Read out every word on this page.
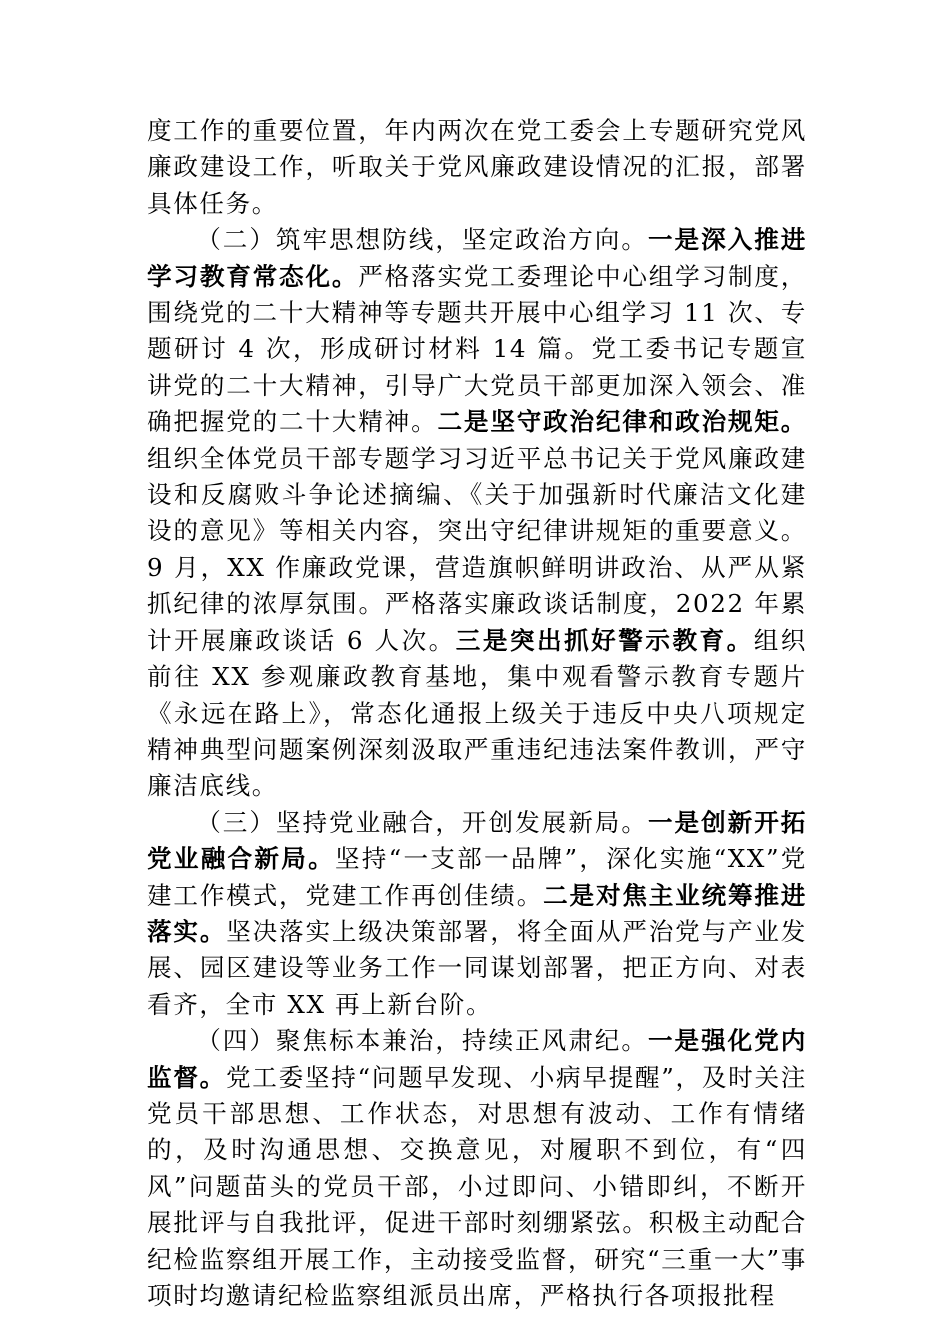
度工作的重要位置，年内两次在党工委会上专题研究党风廉政建设工作，听取关于党风廉政建设情况的汇报，部署具体任务。

（二）筑牢思想防线，坚定政治方向。一是深入推进学习教育常态化。严格落实党工委理论中心组学习制度，围绕党的二十大精神等专题共开展中心组学习 11 次、专题研讨 4 次，形成研讨材料 14 篇。党工委书记专题宣讲党的二十大精神，引导广大党员干部更加深入领会、准确把握党的二十大精神。二是坚守政治纪律和政治规矩。组织全体党员干部专题学习习近平总书记关于党风廉政建设和反腐败斗争论述摘编、《关于加强新时代廉洁文化建设的意见》等相关内容，突出守纪律讲规矩的重要意义。9 月，XX 作廉政党课，营造旗帜鲜明讲政治、从严从紧抓纪律的浓厚氛围。严格落实廉政谈话制度，2022 年累计开展廉政谈话 6 人次。三是突出抓好警示教育。组织前往 XX 参观廉政教育基地，集中观看警示教育专题片《永远在路上》，常态化通报上级关于违反中央八项规定精神典型问题案例深刻汲取严重违纪违法案件教训，严守廉洁底线。

（三）坚持党业融合，开创发展新局。一是创新开拓党业融合新局。坚持“一支部一品牌”，深化实施“XX”党建工作模式，党建工作再创佳绩。二是对焦主业统筹推进落实。坚决落实上级决策部署，将全面从严治党与产业发展、园区建设等业务工作一同谋划部署，把正方向、对表看齐，全市 XX 再上新台阶。

（四）聚焦标本兼治，持续正风肃纪。一是强化党内监督。党工委坚持“问题早发现、小病早提醒”，及时关注党员干部思想、工作状态，对思想有波动、工作有情绪的，及时沟通思想、交换意见，对履职不到位，有“四风”问题苗头的党员干部，小过即问、小错即纠，不断开展批评与自我批评，促进干部时刻绷紧弦。积极主动配合纪检监察组开展工作，主动接受监督，研究“三重一大”事项时均邀请纪检监察组派员出席，严格执行各项报批程
